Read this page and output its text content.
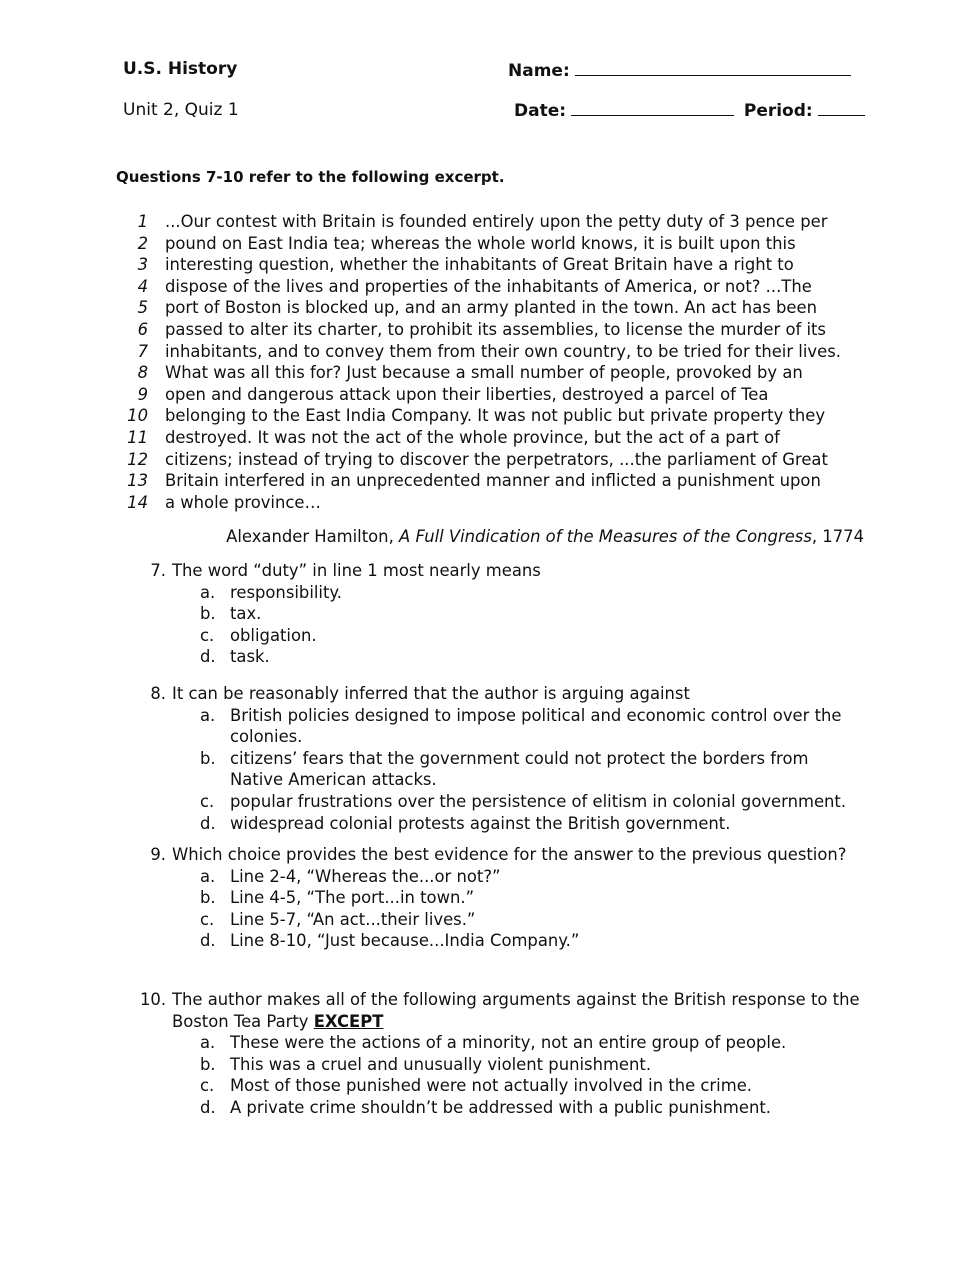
U.S. History
Unit 2, Quiz 1
Name:
Date:	Period:
Questions 7-10 refer to the following excerpt.
1 ...Our contest with Britain is founded entirely upon the petty duty of 3 pence per
2 pound on East India tea; whereas the whole world knows, it is built upon this
3 interesting question, whether the inhabitants of Great Britain have a right to
4 dispose of the lives and properties of the inhabitants of America, or not? ...The
5 port of Boston is blocked up, and an army planted in the town. An act has been
6 passed to alter its charter, to prohibit its assemblies, to license the murder of its
7 inhabitants, and to convey them from their own country, to be tried for their lives.
8 What was all this for? Just because a small number of people, provoked by an
9 open and dangerous attack upon their liberties, destroyed a parcel of Tea
10 belonging to the East India Company. It was not public but private property they
11 destroyed. It was not the act of the whole province, but the act of a part of
12 citizens; instead of trying to discover the perpetrators, ...the parliament of Great
13 Britain interfered in an unprecedented manner and inflicted a punishment upon
14 a whole province…
Alexander Hamilton, A Full Vindication of the Measures of the Congress, 1774
7. The word “duty” in line 1 most nearly means
a. responsibility.
b. tax.
c. obligation.
d. task.
8. It can be reasonably inferred that the author is arguing against
a. British policies designed to impose political and economic control over the colonies.
b. citizens’ fears that the government could not protect the borders from Native American attacks.
c. popular frustrations over the persistence of elitism in colonial government.
d. widespread colonial protests against the British government.
9. Which choice provides the best evidence for the answer to the previous question?
a. Line 2-4, “Whereas the...or not?”
b. Line 4-5, “The port...in town.”
c. Line 5-7, “An act...their lives.”
d. Line 8-10, “Just because...India Company.”
10. The author makes all of the following arguments against the British response to the Boston Tea Party EXCEPT
a. These were the actions of a minority, not an entire group of people.
b. This was a cruel and unusually violent punishment.
c. Most of those punished were not actually involved in the crime.
d. A private crime shouldn’t be addressed with a public punishment.
